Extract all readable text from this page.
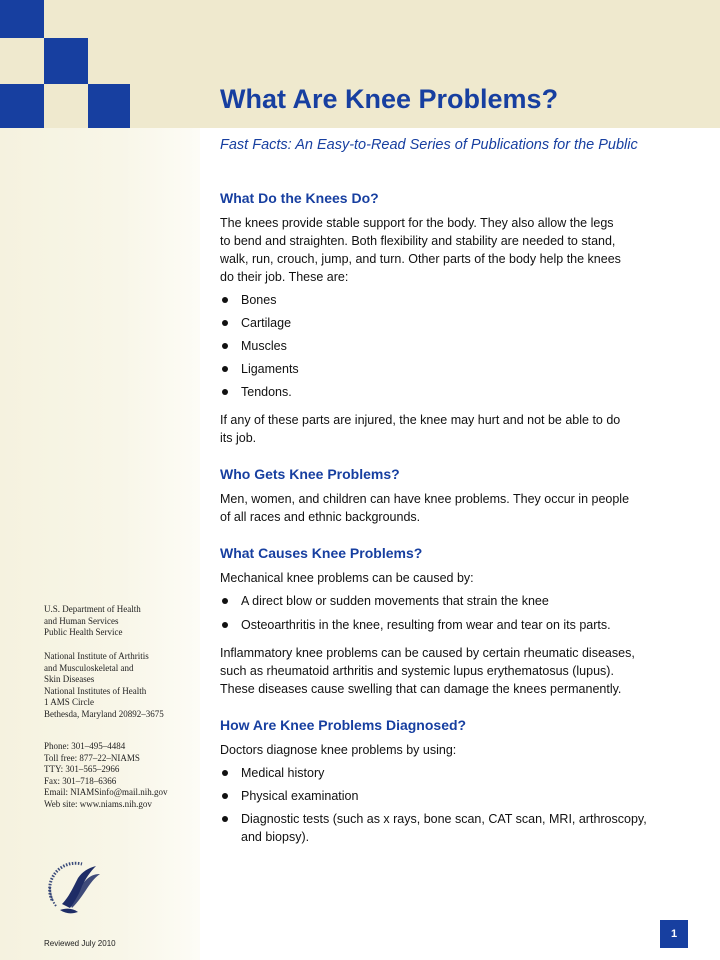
What Are Knee Problems?
Fast Facts: An Easy-to-Read Series of Publications for the Public
What Do the Knees Do?

The knees provide stable support for the body. They also allow the legs

to bend and straighten. Both flexibility and stability are needed to stand,

walk, run, crouch, jump, and turn. Other parts of the body help the knees

do their job. These are:

Bones
Cartilage
Muscles
Ligaments
Tendons.

If any of these parts are injured, the knee may hurt and not be able to do

its job.

Who Gets Knee Problems?

Men, women, and children can have knee problems. They occur in people

of all races and ethnic backgrounds.

What Causes Knee Problems?

Mechanical knee problems can be caused by:

A direct blow or sudden movements that strain the knee
Osteoarthritis in the knee, resulting from wear and tear on its parts.

Inflammatory knee problems can be caused by certain rheumatic diseases,

such as rheumatoid arthritis and systemic lupus erythematosus (lupus).

These diseases cause swelling that can damage the knees permanently.

How Are Knee Problems Diagnosed?

Doctors diagnose knee problems by using:

Medical history
Physical examination
Diagnostic tests (such as x rays, bone scan, CAT scan, MRI, arthroscopy,
and biopsy).
U.S. Department of Health
and Human Services
Public Health Service
National Institute of Arthritis
and Musculoskeletal and
Skin Diseases
National Institutes of Health
1 AMS Circle
Bethesda, Maryland 20892–3675
Phone: 301–495–4484
Toll free: 877–22–NIAMS
TTY: 301–565–2966
Fax: 301–718–6366
Email: NIAMSinfo@mail.nih.gov
Web site: www.niams.nih.gov
Reviewed July 2010
1
